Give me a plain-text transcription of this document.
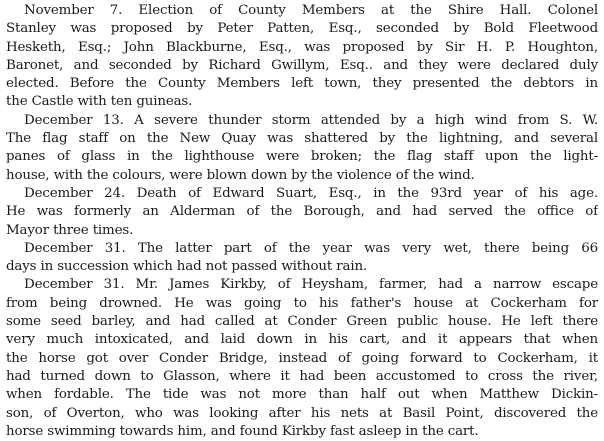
November 7. Election of County Members at the Shire Hall. Colonel
Stanley was proposed by Peter Patten, Esq., seconded by Bold Fleetwood
Hesketh, Esq.; John Blackburne, Esq., was proposed by Sir H. P. Houghton,
Baronet, and seconded by Richard Gwillym, Esq.. and they were declared duly
elected. Before the County Members left town, they presented the debtors in
the Castle with ten guineas.
December 13. A severe thunder storm attended by a high wind from S. W.
The flag staff on the New Quay was shattered by the lightning, and several
panes of glass in the lighthouse were broken; the flag staff upon the light-
house, with the colours, were blown down by the violence of the wind.
December 24. Death of Edward Suart, Esq., in the 93rd year of his age.
He was formerly an Alderman of the Borough, and had served the office of
Mayor three times.
December 31. The latter part of the year was very wet, there being 66
days in succession which had not passed without rain.
December 31. Mr. James Kirkby, of Heysham, farmer, had a narrow escape
from being drowned. He was going to his father's house at Cockerham for
some seed barley, and had called at Conder Green public house. He left there
very much intoxicated, and laid down in his cart, and it appears that when
the horse got over Conder Bridge, instead of going forward to Cockerham, it
had turned down to Glasson, where it had been accustomed to cross the river,
when fordable. The tide was not more than half out when Matthew Dickin-
son, of Overton, who was looking after his nets at Basil Point, discovered the
horse swimming towards him, and found Kirkby fast asleep in the cart.
